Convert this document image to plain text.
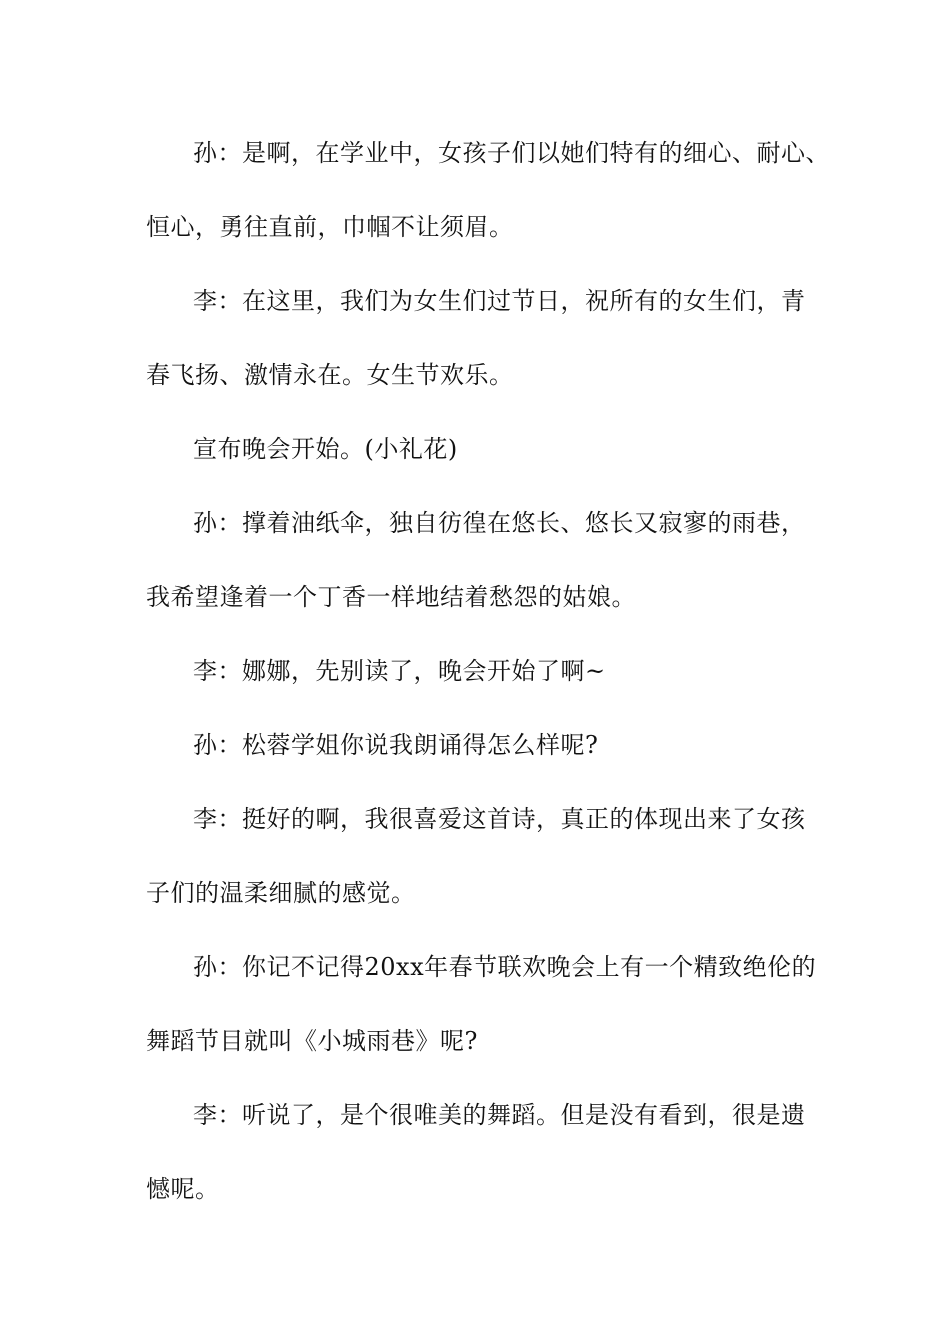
孙：是啊，在学业中，女孩子们以她们特有的细心、耐心、
恒心，勇往直前，巾帼不让须眉。
李：在这里，我们为女生们过节日，祝所有的女生们，青
春飞扬、激情永在。女生节欢乐。
宣布晚会开始。(小礼花)
孙：撑着油纸伞，独自彷徨在悠长、悠长又寂寥的雨巷，
我希望逢着一个丁香一样地结着愁怨的姑娘。
李：娜娜，先别读了，晚会开始了啊~
孙：松蓉学姐你说我朗诵得怎么样呢?
李：挺好的啊，我很喜爱这首诗，真正的体现出来了女孩
子们的温柔细腻的感觉。
孙：你记不记得20xx年春节联欢晚会上有一个精致绝伦的
舞蹈节目就叫《小城雨巷》呢?
李：听说了，是个很唯美的舞蹈。但是没有看到，很是遗
憾呢。
